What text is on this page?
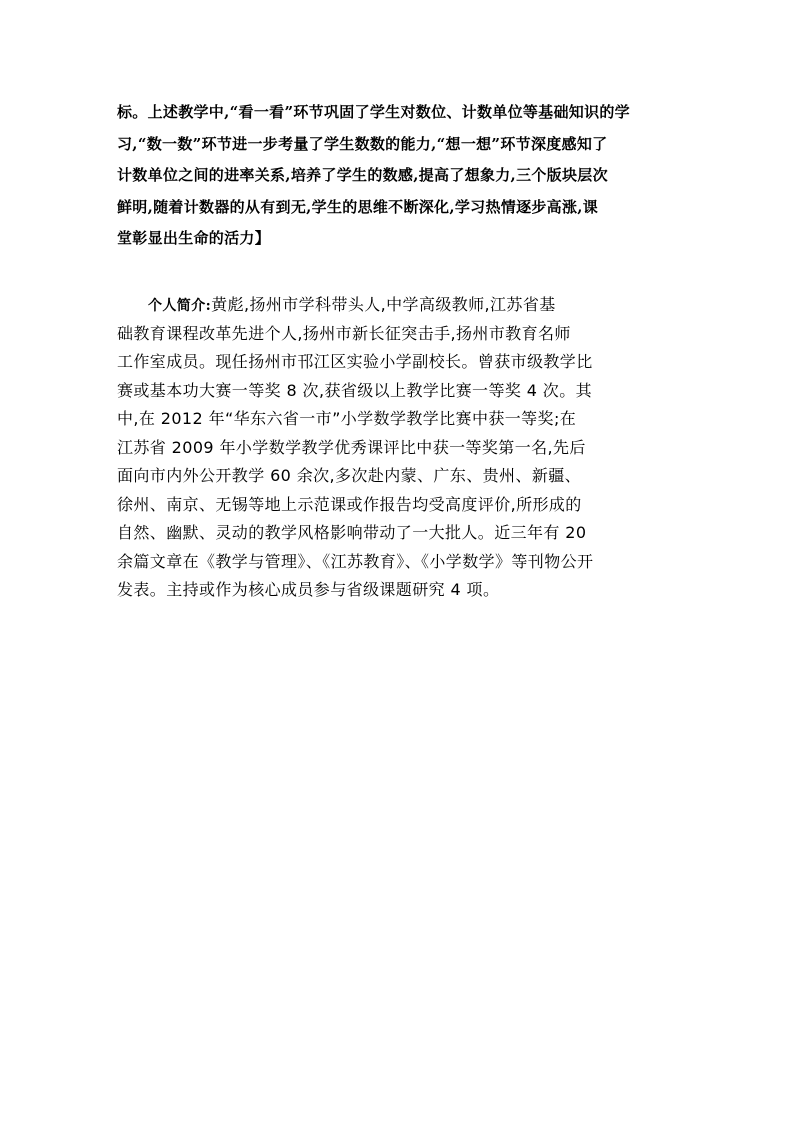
标。上述教学中,“看一看”环节巩固了学生对数位、计数单位等基础知识的学
习,“数一数”环节进一步考量了学生数数的能力,“想一想”环节深度感知了
计数单位之间的进率关系,培养了学生的数感,提高了想象力,三个版块层次
鲜明,随着计数器的从有到无,学生的思维不断深化,学习热情逐步高涨,课
堂彰显出生命的活力】
个人简介:黄彪,扬州市学科带头人,中学高级教师,江苏省基
础教育课程改革先进个人,扬州市新长征突击手,扬州市教育名师
工作室成员。现任扬州市邗江区实验小学副校长。曾获市级教学比
赛或基本功大赛一等奖 8 次,获省级以上教学比赛一等奖 4 次。其
中,在 2012 年“华东六省一市”小学数学教学比赛中获一等奖;在
江苏省 2009 年小学数学教学优秀课评比中获一等奖第一名,先后
面向市内外公开教学 60 余次,多次赴内蒙、广东、贵州、新疆、
徐州、南京、无锡等地上示范课或作报告均受高度评价,所形成的
自然、幽默、灵动的教学风格影响带动了一大批人。近三年有 20
余篇文章在《教学与管理》、《江苏教育》、《小学数学》等刊物公开
发表。主持或作为核心成员参与省级课题研究 4 项。
